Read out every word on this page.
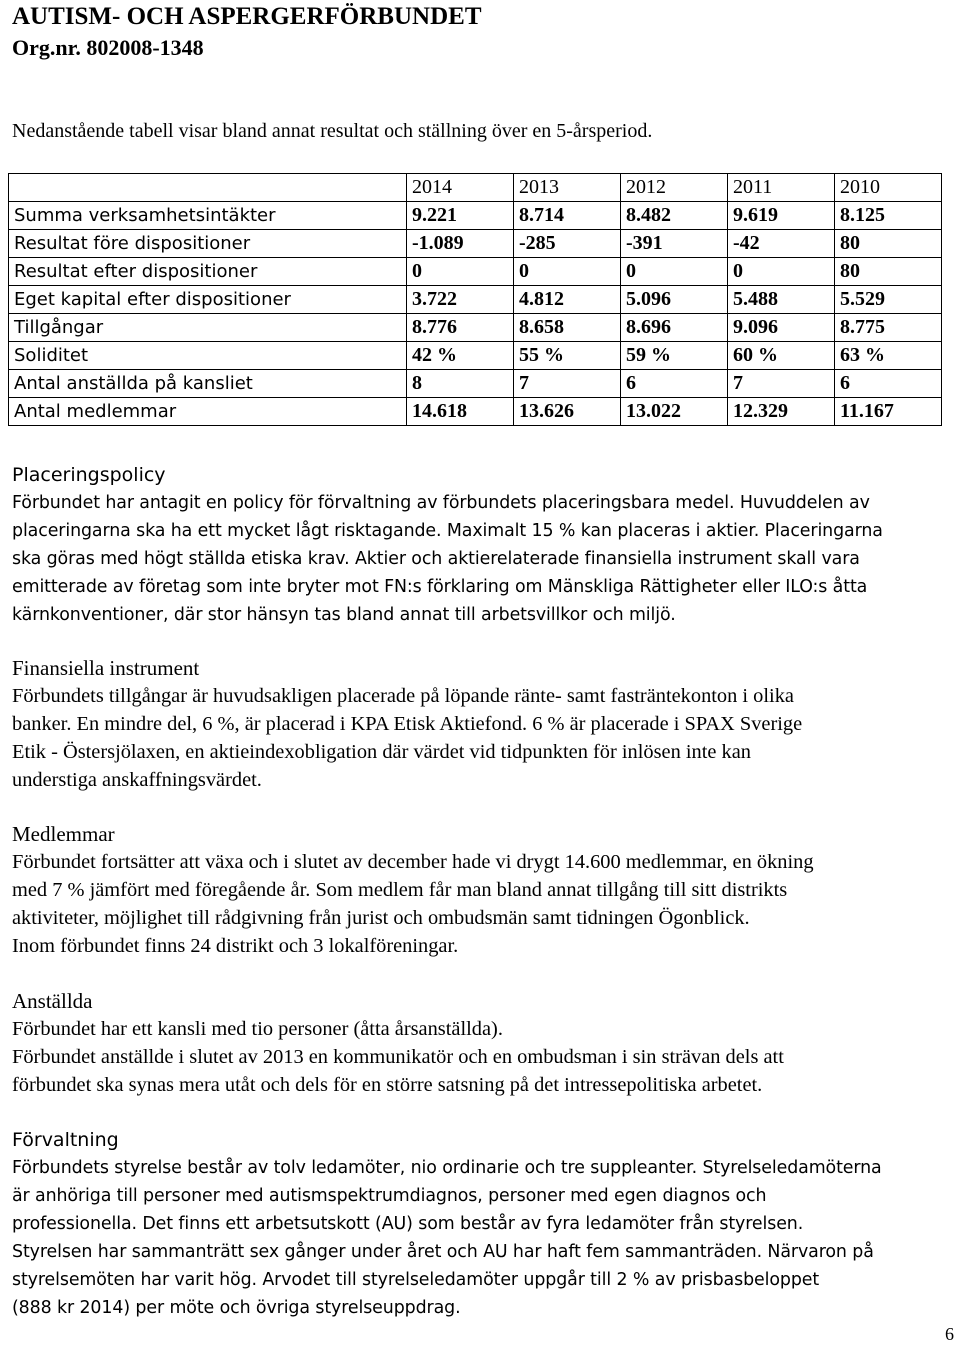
AUTISM- OCH ASPERGERFÖRBUNDET
Org.nr. 802008-1348
Nedanstående tabell visar bland annat resultat och ställning över en 5-årsperiod.
	2014	2013	2012	2011	2010
Summa verksamhetsintäkter	9.221	8.714	8.482	9.619	8.125
Resultat före dispositioner	-1.089	-285	-391	-42	80
Resultat efter dispositioner	0	0	0	0	80
Eget kapital efter dispositioner	3.722	4.812	5.096	5.488	5.529
Tillgångar	8.776	8.658	8.696	9.096	8.775
Soliditet	42 %	55 %	59 %	60 %	63 %
Antal anställda på kansliet	8	7	6	7	6
Antal medlemmar	14.618	13.626	13.022	12.329	11.167
Placeringspolicy

Förbundet har antagit en policy för förvaltning av förbundets placeringsbara medel. Huvuddelen av

placeringarna ska ha ett mycket lågt risktagande. Maximalt 15 % kan placeras i aktier. Placeringarna

ska göras med högt ställda etiska krav. Aktier och aktierelaterade finansiella instrument skall vara

emitterade av företag som inte bryter mot FN:s förklaring om Mänskliga Rättigheter eller ILO:s åtta

kärnkonventioner, där stor hänsyn tas bland annat till arbetsvillkor och miljö.

Finansiella instrument

Förbundets tillgångar är huvudsakligen placerade på löpande ränte- samt fasträntekonton i olika

banker. En mindre del, 6 %, är placerad i KPA Etisk Aktiefond. 6 % är placerade i SPAX Sverige

Etik - Östersjölaxen, en aktieindexobligation där värdet vid tidpunkten för inlösen inte kan

understiga anskaffningsvärdet.

Medlemmar

Förbundet fortsätter att växa och i slutet av december hade vi drygt 14.600 medlemmar, en ökning

med 7 % jämfört med föregående år. Som medlem får man bland annat tillgång till sitt distrikts

aktiviteter, möjlighet till rådgivning från jurist och ombudsmän samt tidningen Ögonblick.

Inom förbundet finns 24 distrikt och 3 lokalföreningar.

Anställda

Förbundet har ett kansli med tio personer (åtta årsanställda).

Förbundet anställde i slutet av 2013 en kommunikatör och en ombudsman i sin strävan dels att

förbundet ska synas mera utåt och dels för en större satsning på det intressepolitiska arbetet.

Förvaltning

Förbundets styrelse består av tolv ledamöter, nio ordinarie och tre suppleanter. Styrelseledamöterna

är anhöriga till personer med autismspektrumdiagnos, personer med egen diagnos och

professionella. Det finns ett arbetsutskott (AU) som består av fyra ledamöter från styrelsen.

Styrelsen har sammanträtt sex gånger under året och AU har haft fem sammanträden. Närvaron på

styrelsemöten har varit hög. Arvodet till styrelseledamöter uppgår till 2 % av prisbasbeloppet

(888 kr 2014) per möte och övriga styrelseuppdrag.

6
